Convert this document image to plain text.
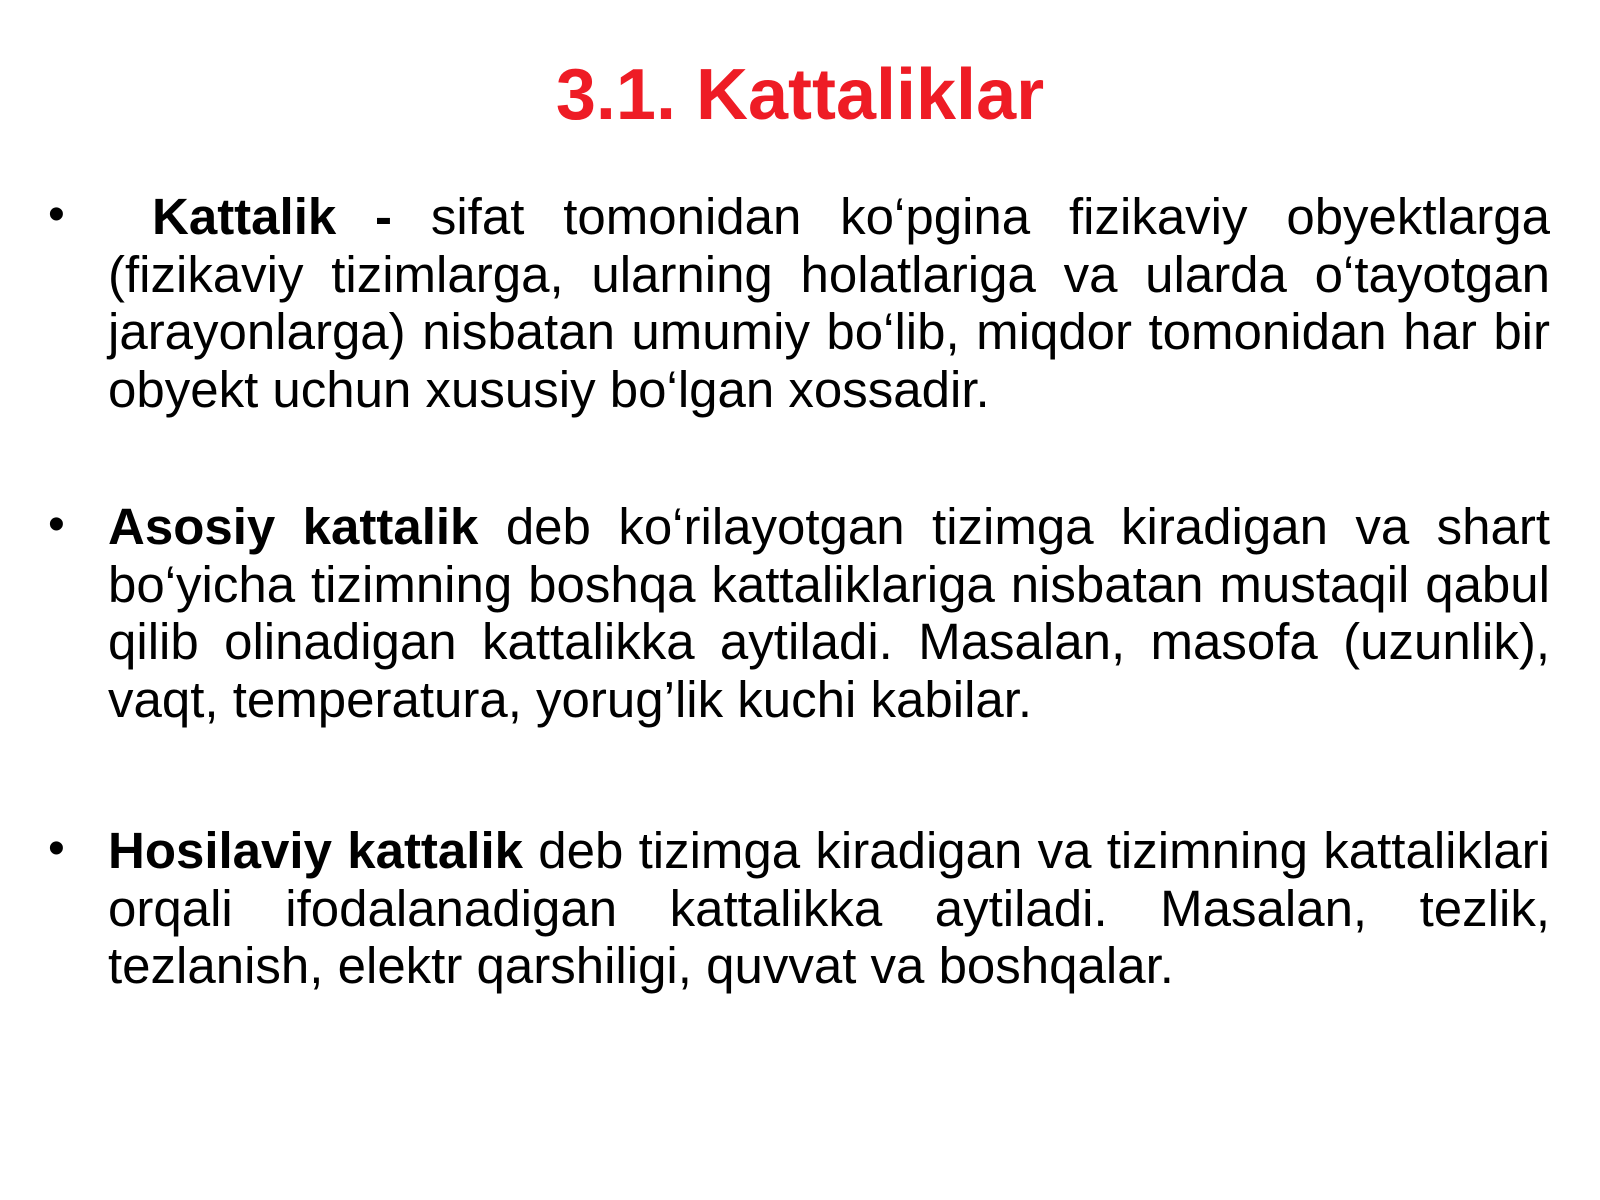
3.1. Kattaliklar
• Kattalik - sifat tomonidan ko‘pgina fizikaviy obyektlarga (fizikaviy tizimlarga, ularning holatlariga va ularda o‘tayotgan jarayonlarga) nisbatan umumiy bo‘lib, miqdor tomonidan har bir obyekt uchun xususiy bo‘lgan xossadir.
• Asosiy kattalik deb ko‘rilayotgan tizimga kiradigan va shart bo‘yicha tizimning boshqa kattaliklariga nisbatan mustaqil qabul qilib olinadigan kattalikka aytiladi. Masalan, masofa (uzunlik), vaqt, temperatura, yorug’lik kuchi kabilar.
• Hosilaviy kattalik deb tizimga kiradigan va tizimning kattaliklari orqali ifodalanadigan kattalikka aytiladi. Masalan, tezlik, tezlanish, elektr qarshiligi, quvvat va boshqalar.
